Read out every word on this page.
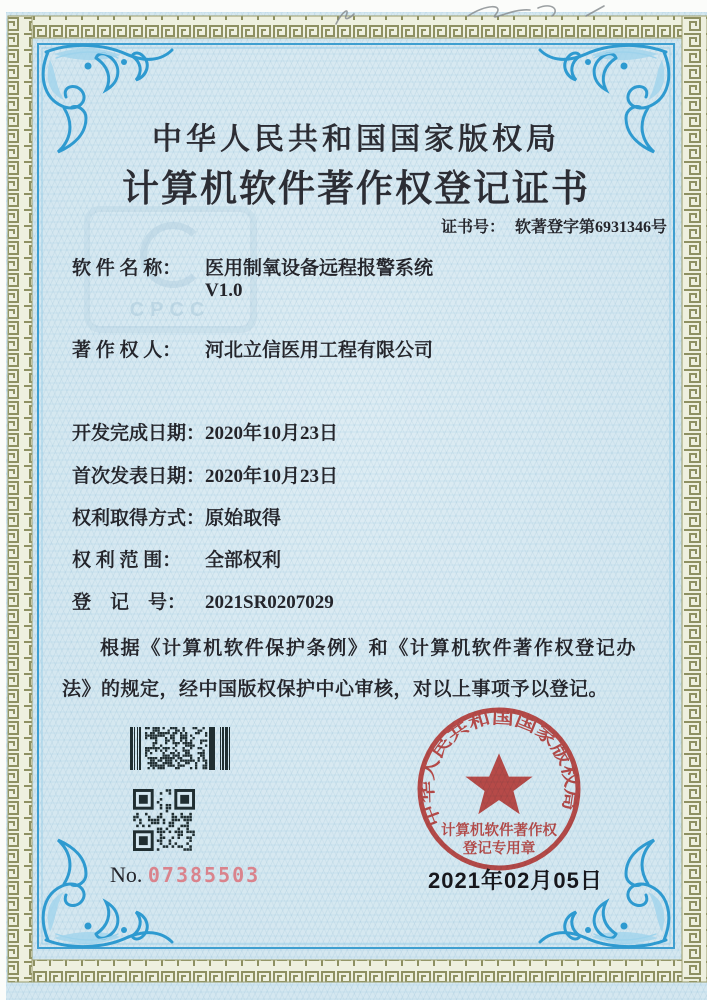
CPCC
中华人民共和国国家版权局
计算机软件著作权登记证书
证书号： 软著登字第6931346号
软 件 名 称： 医用制氧设备远程报警系统
V1.0
著 作 权 人： 河北立信医用工程有限公司
开发完成日期：2020年10月23日
首次发表日期：2020年10月23日
权利取得方式：原始取得
权 利 范 围： 全部权利
登　记　号： 2021SR0207029

根据《计算机软件保护条例》和《计算机软件著作权登记办法》的规定，经中国版权保护中心审核，对以上事项予以登记。

No. 07385503
中华人民共和国国家版权局
计算机软件著作权
登记专用章
2021年02月05日
